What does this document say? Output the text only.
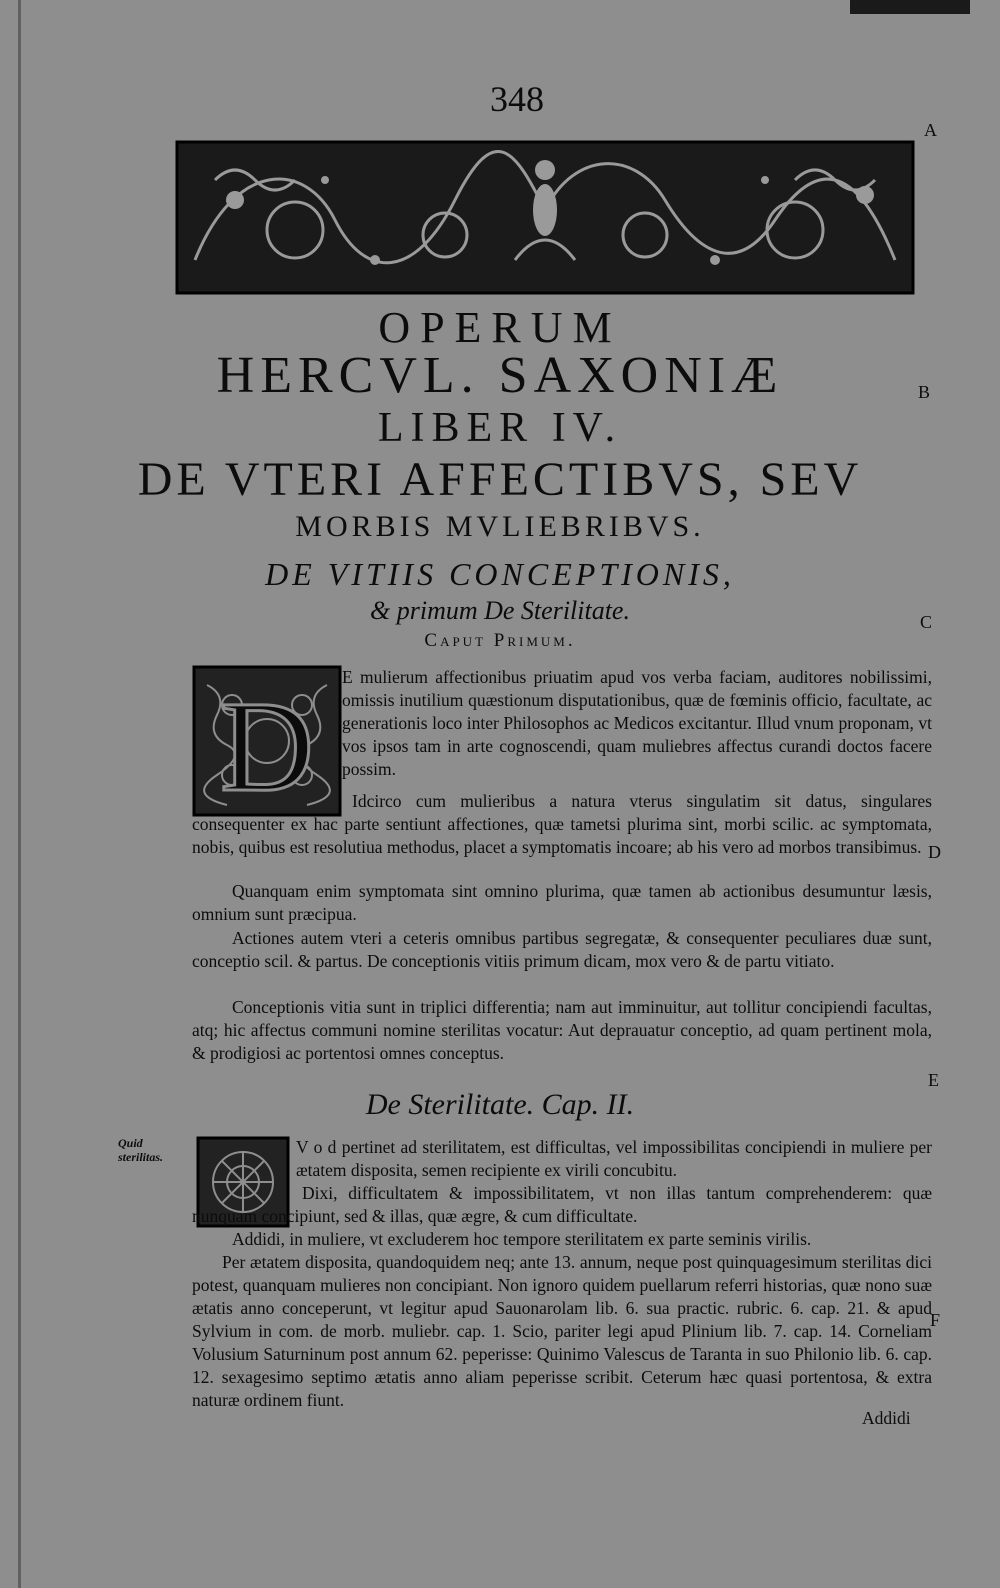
348
A
B
C
D
E
F
OPERUM
HERCVL. SAXONIÆ
LIBER IV.
DE VTERI AFFECTIBVS, SEV
MORBIS MVLIEBRIBVS.
DE VITIIS CONCEPTIONIS,
& primum De Sterilitate.
Caput Primum.
D E mulierum affectionibus priuatim apud vos verba faciam, auditores nobilissimi, omissis inutilium quæstionum disputationibus, quæ de fœminis officio, facultate, ac generationis loco inter Philosophos ac Medicos excitantur. Illud vnum proponam, vt vos ipsos tam in arte cognoscendi, quam muliebres affectus curandi doctos facere possim.
Idcirco cum mulieribus a natura vterus singulatim sit datus, singulares consequenter ex hac parte sentiunt affectiones, quæ tametsi plurima sint, morbi scilic. ac symptomata, nobis, quibus est resolutiua methodus, placet a symptomatis incoare; ab his vero ad morbos transibimus.
Quanquam enim symptomata sint omnino plurima, quæ tamen ab actionibus desumuntur læsis, omnium sunt præcipua.
Actiones autem vteri a ceteris omnibus partibus segregatæ, & consequenter peculiares duæ sunt, conceptio scil. & partus. De conceptionis vitiis primum dicam, mox vero & de partu vitiato.
Conceptionis vitia sunt in triplici differentia; nam aut imminuitur, aut tollitur concipiendi facultas, atq; hic affectus communi nomine sterilitas vocatur: Aut deprauatur conceptio, ad quam pertinent mola, & prodigiosi ac portentosi omnes conceptus.
De Sterilitate. Cap. II.
Quid sterilitas.	V o d pertinet ad sterilitatem, est difficultas, vel impossibilitas concipiendi in muliere per ætatem disposita, semen recipiente ex virili concubitu.
Dixi, difficultatem & impossibilitatem, vt non illas tantum comprehenderem: quæ nunquam concipiunt, sed & illas, quæ ægre, & cum difficultate.
Addidi, in muliere, vt excluderem hoc tempore sterilitatem ex parte seminis virilis.
Per ætatem disposita, quandoquidem neq; ante 13. annum, neque post quinquagesimum sterilitas dici potest, quanquam mulieres non concipiant. Non ignoro quidem puellarum referri historias, quæ nono suæ ætatis anno conceperunt, vt legitur apud Sauonarolam lib. 6. sua practic. rubric. 6. cap. 21. & apud Sylvium in com. de morb. muliebr. cap. 1. Scio, pariter legi apud Plinium lib. 7. cap. 14. Corneliam Volusium Saturninum post annum 62. peperisse: Quinimo Valescus de Taranta in suo Philonio lib. 6. cap. 12. sexagesimo septimo ætatis anno aliam peperisse scribit. Ceterum hæc quasi portentosa, & extra naturæ ordinem fiunt.
Addidi
